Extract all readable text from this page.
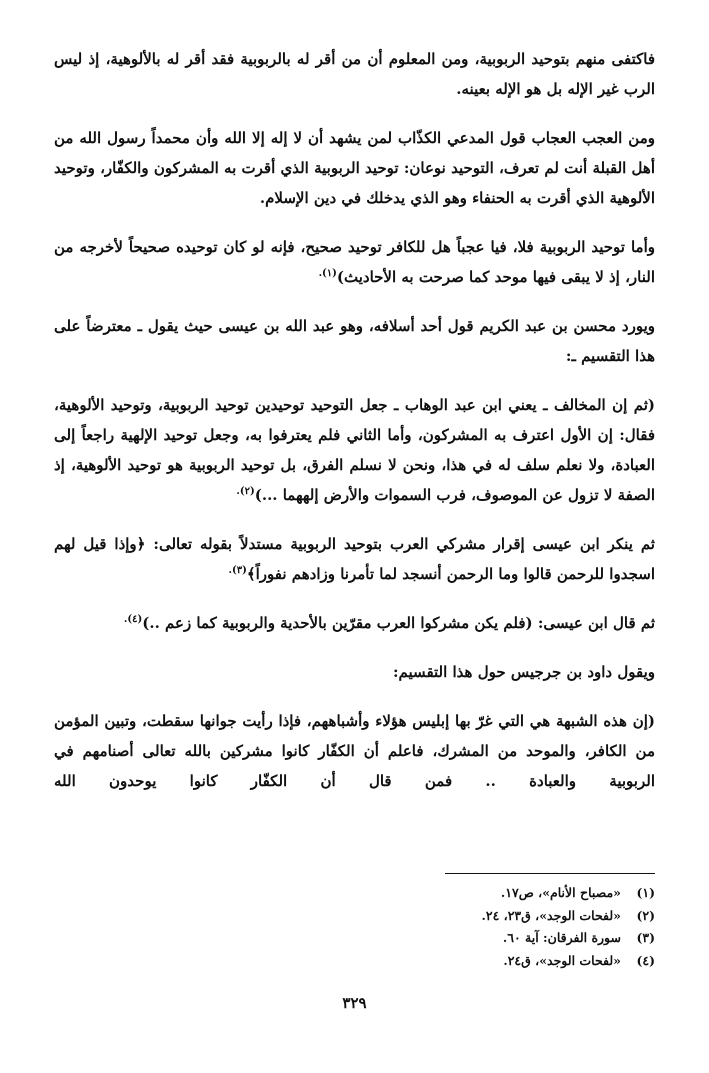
فاكتفى منهم بتوحيد الربوبية، ومن المعلوم أن من أقر له بالربوبية فقد أقر له بالألوهية، إذ ليس الرب غير الإله بل هو الإله بعينه.

ومن العجب العجاب قول المدعي الكذّاب لمن يشهد أن لا إله إلا الله وأن محمداً رسول الله من أهل القبلة أنت لم تعرف، التوحيد نوعان: توحيد الربوبية الذي أقرت به المشركون والكفّار، وتوحيد الألوهية الذي أقرت به الحنفاء وهو الذي يدخلك في دين الإسلام.

وأما توحيد الربوبية فلا، فيا عجباً هل للكافر توحيد صحيح، فإنه لو كان توحيده صحيحاً لأخرجه من النار، إذ لا يبقى فيها موحد كما صرحت به الأحاديث)$^{(١).}$

ويورد محسن بن عبد الكريم قول أحد أسلافه، وهو عبد الله بن عيسى حيث يقول ـ معترضاً على هذا التقسيم ـ:

(ثم إن المخالف ـ يعني ابن عبد الوهاب ـ جعل التوحيد توحيدين توحيد الربوبية، وتوحيد الألوهية، فقال: إن الأول اعترف به المشركون، وأما الثاني فلم يعترفوا به، وجعل توحيد الإلهية راجعاً إلى العبادة، ولا نعلم سلف له في هذا، ونحن لا نسلم الفرق، بل توحيد الربوبية هو توحيد الألوهية، إذ الصفة لا تزول عن الموصوف، فرب السموات والأرض إلههما ...)$^{(٢).}$

ثم ينكر ابن عيسى إقرار مشركي العرب بتوحيد الربوبية مستدلاً بقوله تعالى: ﴿وإذا قيل لهم اسجدوا للرحمن قالوا وما الرحمن أنسجد لما تأمرنا وزادهم نفوراً﴾$^{(٣).}$

ثم قال ابن عيسى: (فلم يكن مشركوا العرب مقرّين بالأحدية والربوبية كما زعم ..)$^{(٤).}$

ويقول داود بن جرجيس حول هذا التقسيم:

(إن هذه الشبهة هي التي غرّ بها إبليس هؤلاء وأشباههم، فإذا رأيت جوانها سقطت، وتبين المؤمن من الكافر، والموحد من المشرك، فاعلم أن الكفّار كانوا مشركين بالله تعالى أصنامهم في الربوبية والعبادة .. فمن قال أن الكفّار كانوا يوحدون الله

(١)
«مصباح الأنام»، ص١٧.
(٢)
«لفحات الوجد»، ق٢٣، ٢٤.
(٣)
سورة الفرقان: آية ٦٠.
(٤)
«لفحات الوجد»، ق٢٤.
٣٢٩
